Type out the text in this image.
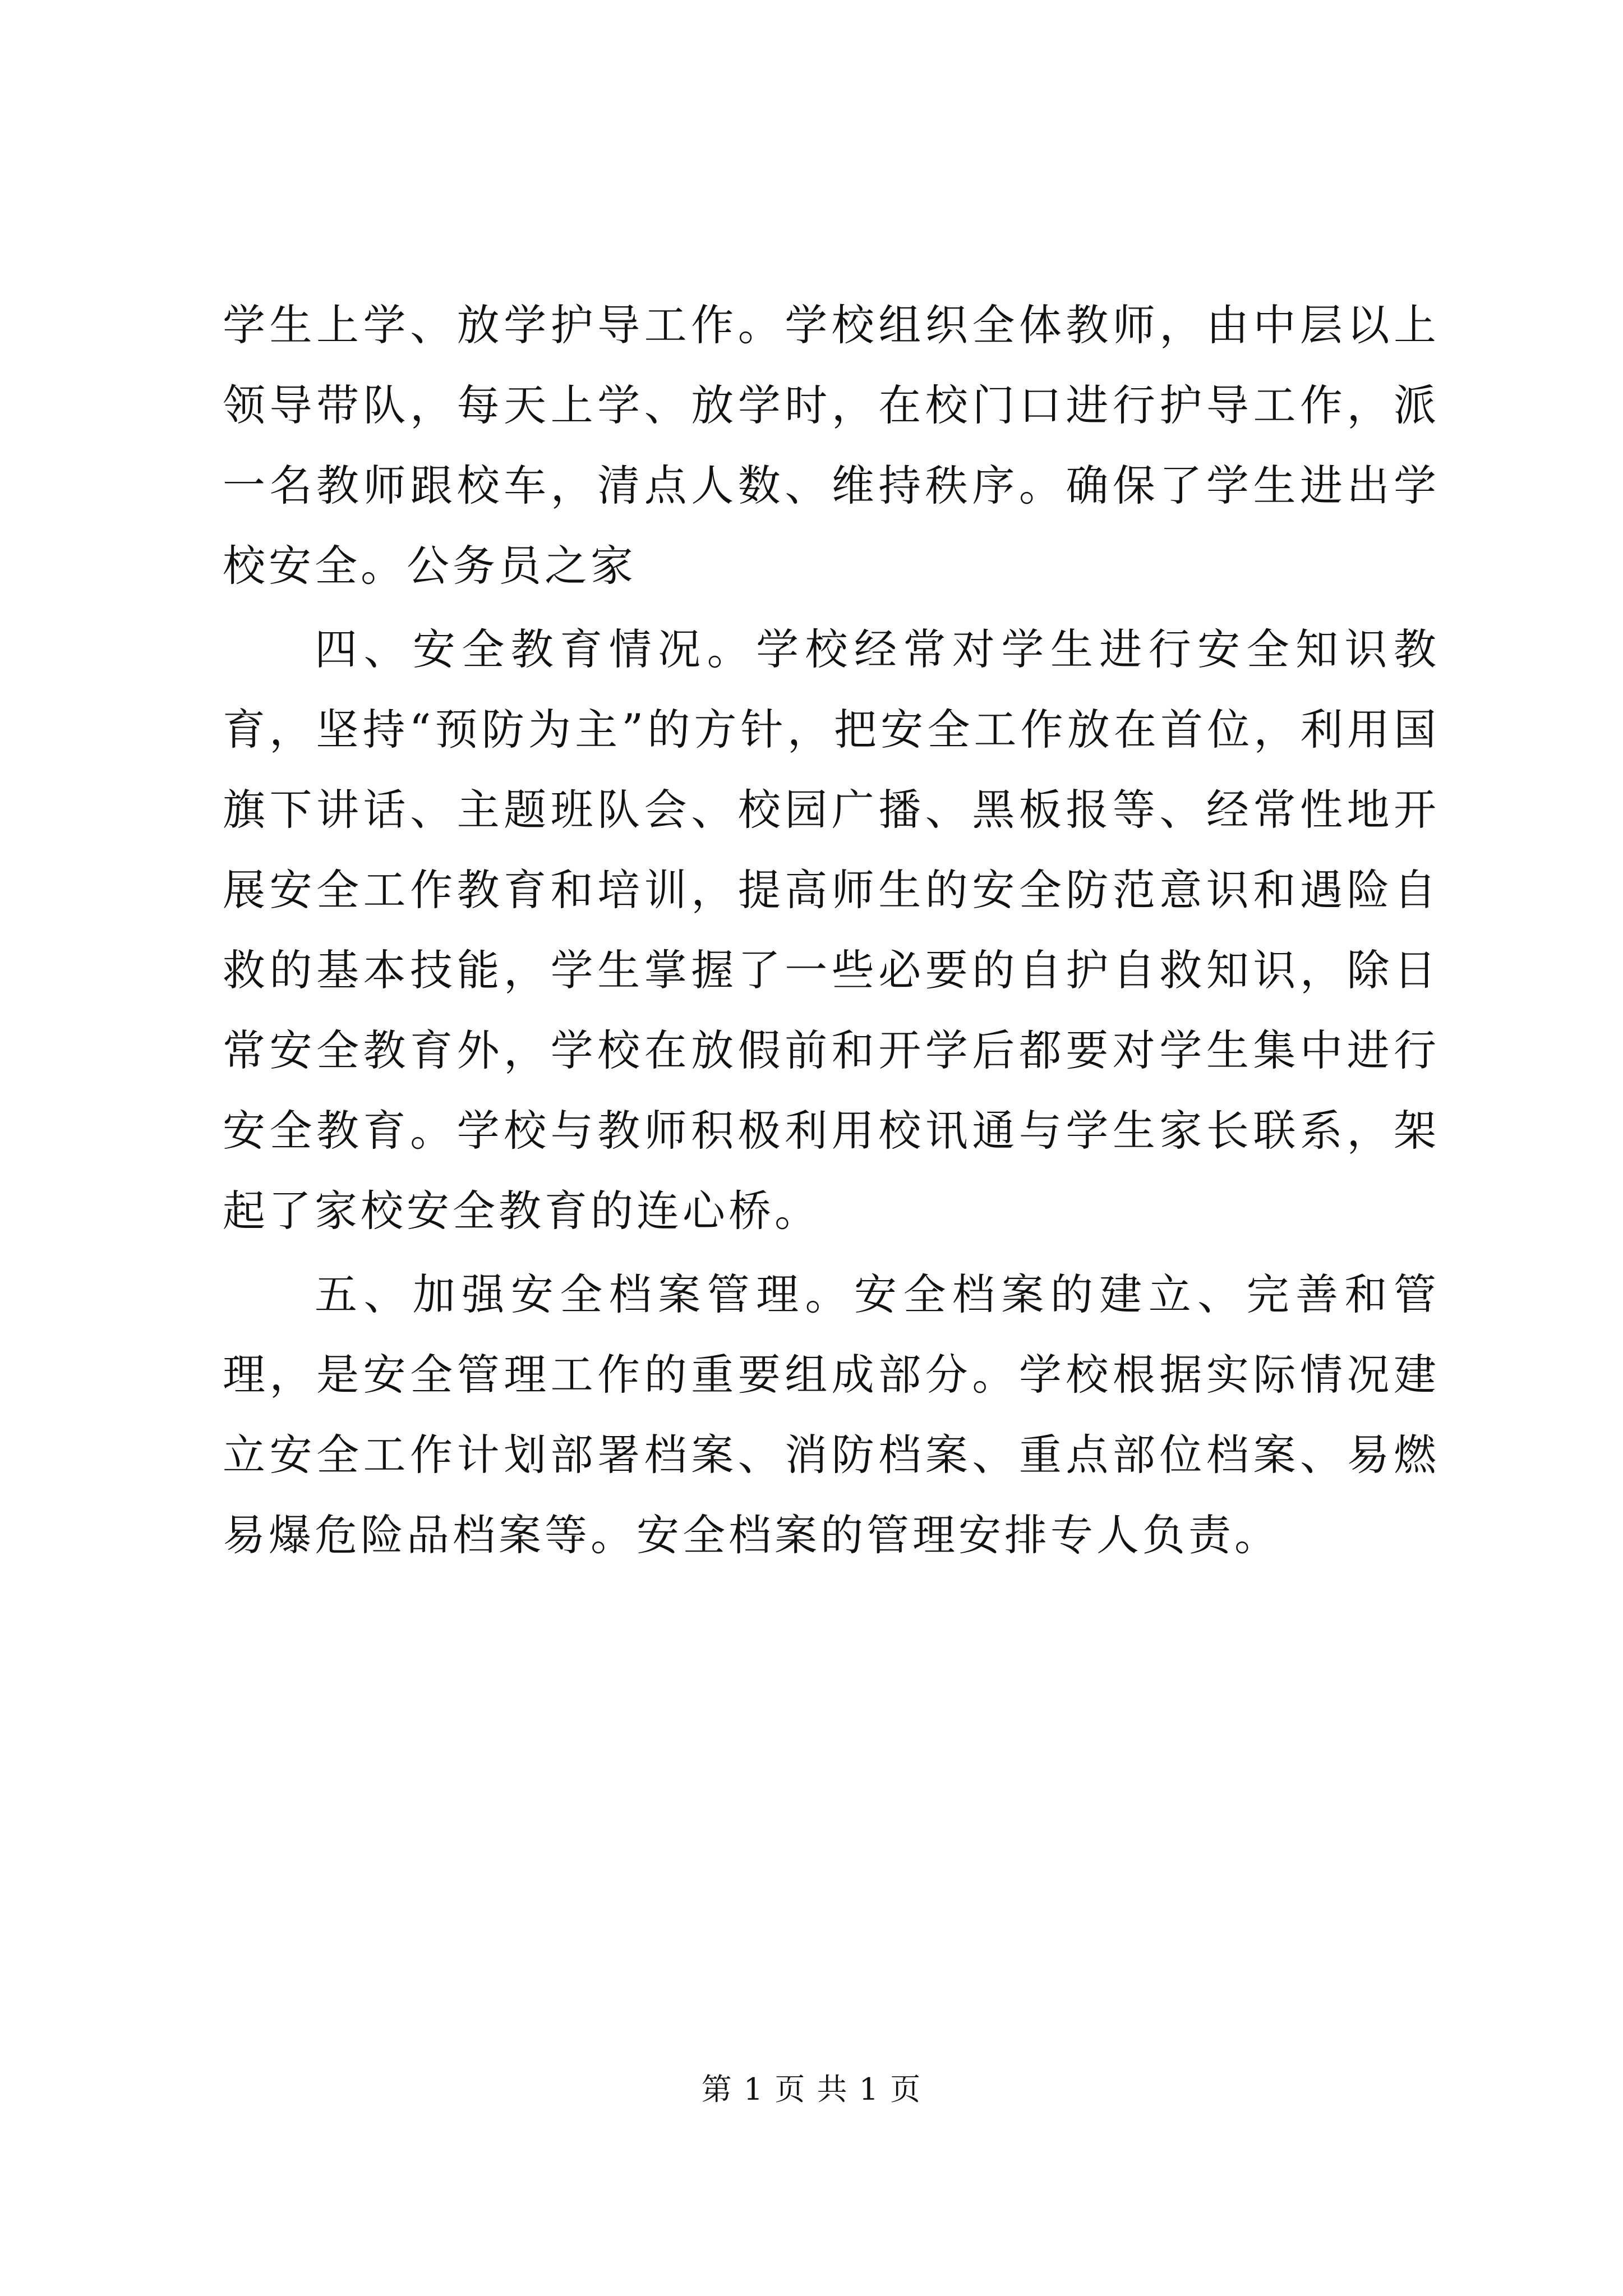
学生上学、放学护导工作。学校组织全体教师，由中层以上领导带队，每天上学、放学时，在校门口进行护导工作，派一名教师跟校车，清点人数、维持秩序。确保了学生进出学校安全。公务员之家

四、安全教育情况。学校经常对学生进行安全知识教育，坚持“预防为主”的方针，把安全工作放在首位，利用国旗下讲话、主题班队会、校园广播、黑板报等、经常性地开展安全工作教育和培训，提高师生的安全防范意识和遇险自救的基本技能，学生掌握了一些必要的自护自救知识，除日常安全教育外，学校在放假前和开学后都要对学生集中进行安全教育。学校与教师积极利用校讯通与学生家长联系，架起了家校安全教育的连心桥。

五、加强安全档案管理。安全档案的建立、完善和管理，是安全管理工作的重要组成部分。学校根据实际情况建立安全工作计划部署档案、消防档案、重点部位档案、易燃易爆危险品档案等。安全档案的管理安排专人负责。

第 1 页 共 1 页
